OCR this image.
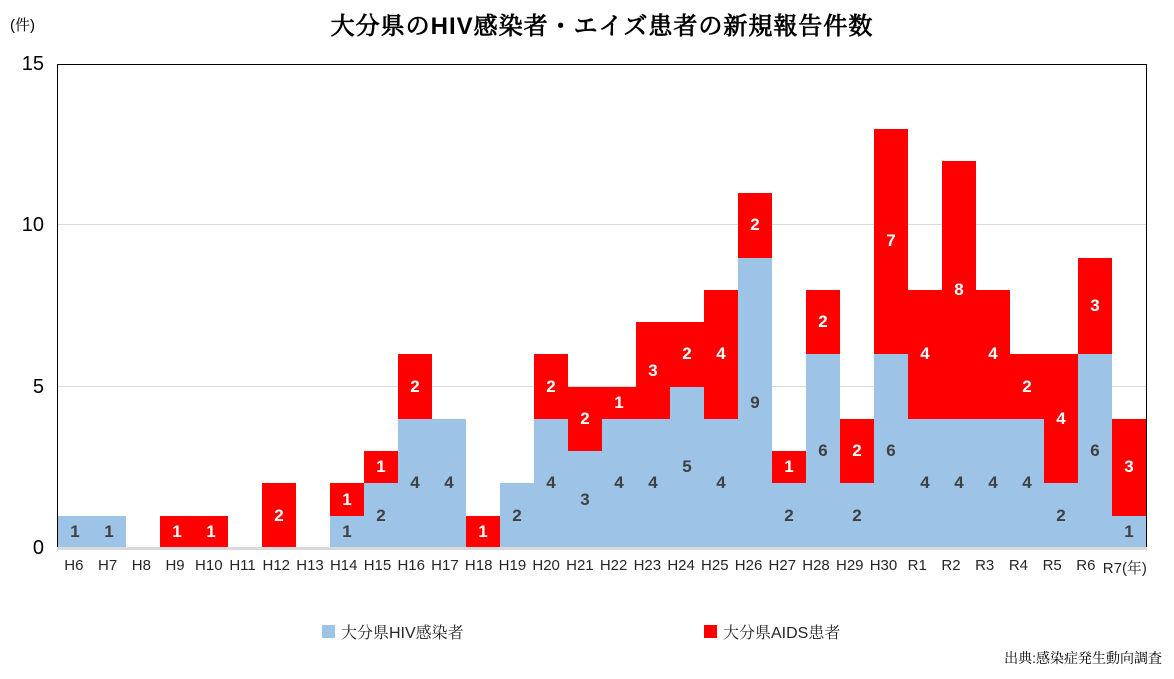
大分県のHIV感染者・エイズ患者の新規報告件数
(件)
1 1	1 1
2
1
1
1
2
2
4 4
1
2
2
4
2
3
1
4
3
4
2
5
4
4
2
9
1
2
2
6 2
2
7
6
4
4
8
4
4
4
2
4
4
2
3
6
3
1
H6 H7 H8 H9 H10 H11 H12 H13 H14 H15 H16 H17 H18 H19 H20 H21 H22 H23 H24 H25 H26 H27 H28 H29 H30 R1 R2 R3 R4 R5 R6 R7(年)
大分県HIV感染者	大分県AIDS患者
出典:感染症発生動向調査
0
5
10
15
